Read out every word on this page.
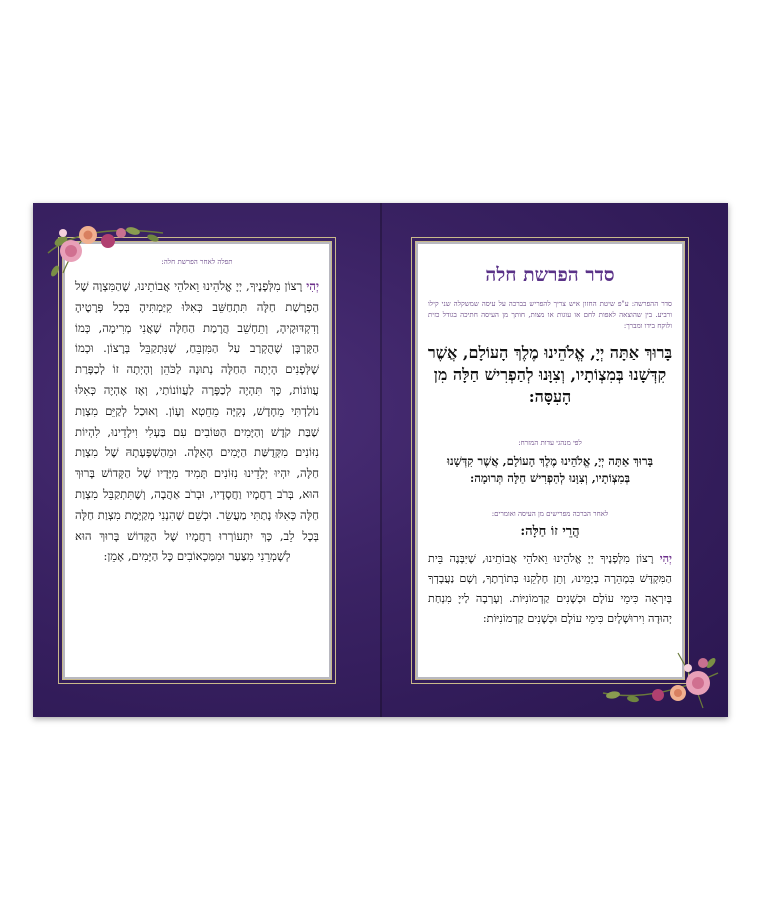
תפלה לאחר הפרשת חלה:
יְהִי רָצוֹן מִלְּפָנֶיךָ, יְיָ אֱלֹהֵינוּ וֵאלֹהֵי אֲבוֹתֵינוּ, שֶׁהַמִּצְוָה שֶׁל הַפְרָשַׁת חַלָּה תִּתְחַשֵּׁב כְּאִלּוּ קִיַּמְתִּיהָ בְּכָל פְּרָטֶיהָ וְדִקְדּוּקֶיהָ, וְתֵחָשֵׁב הֲרָמַת הַחַלָּה שֶׁאֲנִי מְרִימָה, כְּמוֹ הַקָּרְבָּן שֶׁהֻקְרַב עַל הַמִּזְבֵּחַ, שֶׁנִּתְקַבֵּל בְּרָצוֹן. וּכְמוֹ שֶׁלְּפָנִים הָיְתָה הַחַלָּה נְתוּנָה לַכֹּהֵן וְהָיְתָה זוֹ לְכַפָּרַת עֲווֹנוֹת, כָּךְ תִּהְיֶה לְכַפָּרָה לַעֲווֹנוֹתַי, וְאָז אֶהְיֶה כְּאִלּוּ נוֹלַדְתִּי מֵחָדָשׁ, נְקִיָּה מֵחֵטְא וְעָוֹן. וְאוּכַל לְקַיֵּם מִצְוַת שַׁבַּת קֹדֶשׁ וְהַיָּמִים הַטּוֹבִים עִם בַּעְלִי וִילָדֵינוּ, לִהְיוֹת נִזּוֹנִים מִקְּדֻשַּׁת הַיָּמִים הָאֵלֶּה. וּמֵהַשְׁפָּעָתָהּ שֶׁל מִצְוַת חַלָּה, יִהְיוּ יְלָדֵינוּ נִזּוֹנִים תָּמִיד מִיָּדָיו שֶׁל הַקָּדוֹשׁ בָּרוּךְ הוּא, בְּרֹב רַחֲמָיו וַחֲסָדָיו, וּבְרֹב אַהֲבָה, וְשֶׁתִּתְקַבֵּל מִצְוַת חַלָּה כְּאִלּוּ נָתַתִּי מַעֲשֵׂר. וּכְשֵׁם שֶׁהִנְנִי מְקַיֶּמֶת מִצְוַת חַלָּה בְּכָל לֵב, כָּךְ יִתְעוֹרְרוּ רַחֲמָיו שֶׁל הַקָּדוֹשׁ בָּרוּךְ הוּא לְשָׁמְרֵנִי מִצַּעַר וּמִמַּכְאוֹבִים כָּל הַיָּמִים, אָמֵן:
סדר הפרשת חלה
סדר ההפרשה: ע"פ שיטת החזון איש צריך להפריש בברכה על עיסה שמשקלה שני קילו ורביע. בין שהוצאה לאפות לחם או עוגות או מצות, חותך מן העיסה חתיכה בגודל כזית ולוקח בידו ומברך:
בָּרוּךְ אַתָּה יְיָ, אֱלֹהֵינוּ מֶלֶךְ הָעוֹלָם, אֲשֶׁר קִדְּשָׁנוּ בְּמִצְוֹתָיו, וְצִוָּנוּ לְהַפְרִישׁ חַלָּה מִן הָעִסָּה:
לפי מנהגי עדות המזרח:
בָּרוּךְ אַתָּה יְיָ, אֱלֹהֵינוּ מֶלֶךְ הָעוֹלָם, אֲשֶׁר קִדְּשָׁנוּ בְּמִצְוֹתָיו, וְצִוָּנוּ לְהַפְרִישׁ חַלָּה תְּרוּמָה:
לאחר הברכה מפרישים מן העיסה ואומרים:
הֲרֵי זוֹ חַלָּה:
יְהִי רָצוֹן מִלְּפָנֶיךָ יְיָ אֱלֹהֵינוּ וֵאלֹהֵי אֲבוֹתֵינוּ, שֶׁיִּבָּנֶה בֵּית הַמִּקְדָּשׁ בִּמְהֵרָה בְיָמֵינוּ, וְתֵן חֶלְקֵנוּ בְּתוֹרָתֶךָ, וְשָׁם נַעֲבָדְךָ בְּיִרְאָה כִּימֵי עוֹלָם וּכְשָׁנִים קַדְמוֹנִיּוֹת. וְעָרְבָה לַייָ מִנְחַת יְהוּדָה וִירוּשָׁלָיִם כִּימֵי עוֹלָם וּכְשָׁנִים קַדְמוֹנִיּוֹת:
